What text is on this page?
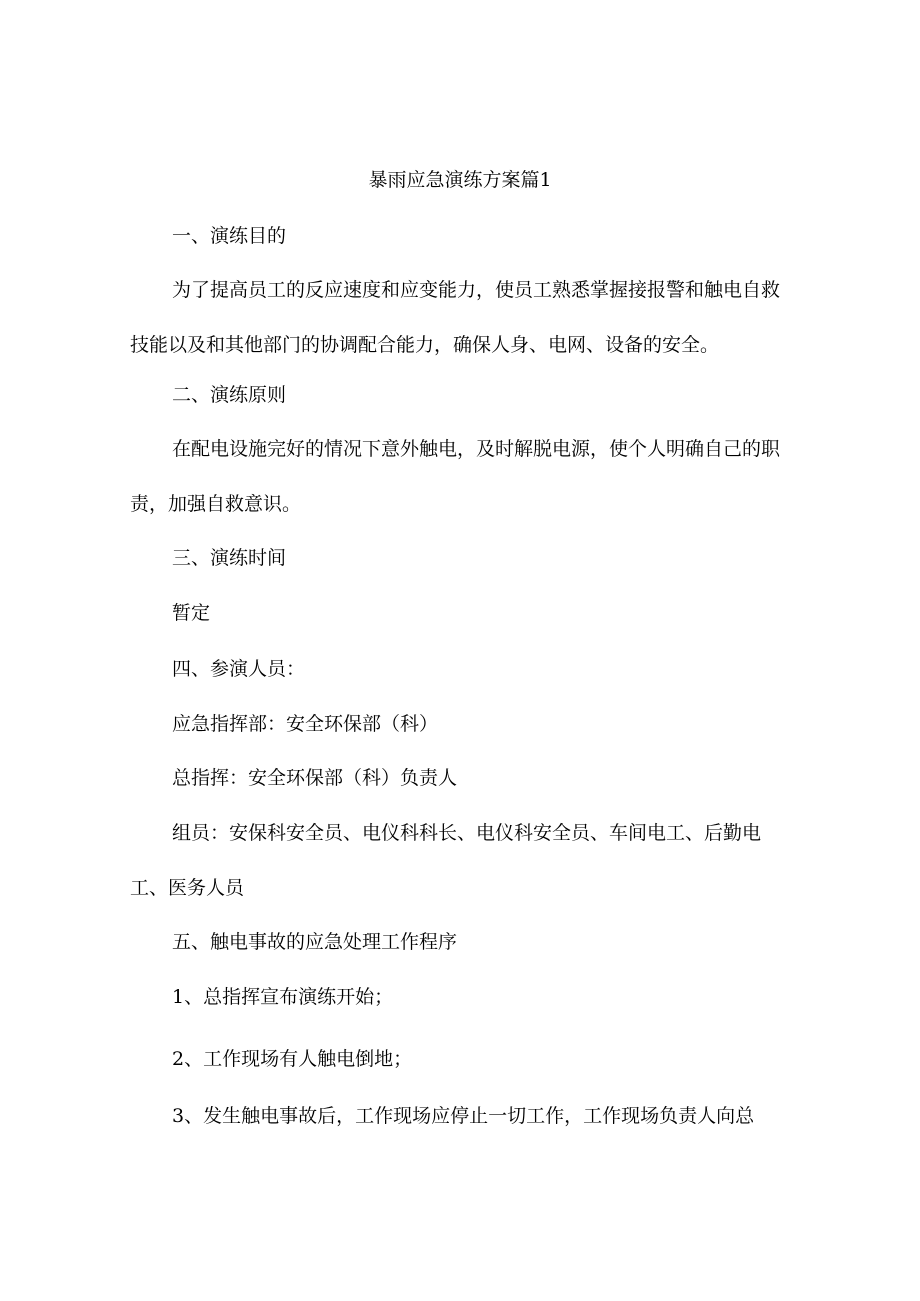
暴雨应急演练方案篇1

一、演练目的

为了提高员工的反应速度和应变能力，使员工熟悉掌握接报警和触电自救技能以及和其他部门的协调配合能力，确保人身、电网、设备的安全。

二、演练原则

在配电设施完好的情况下意外触电，及时解脱电源，使个人明确自己的职责，加强自救意识。

三、演练时间

暂定

四、参演人员：

应急指挥部：安全环保部（科）

总指挥：安全环保部（科）负责人

组员：安保科安全员、电仪科科长、电仪科安全员、车间电工、后勤电工、医务人员

五、触电事故的应急处理工作程序

1、总指挥宣布演练开始；

2、工作现场有人触电倒地；

3、发生触电事故后，工作现场应停止一切工作，工作现场负责人向总
